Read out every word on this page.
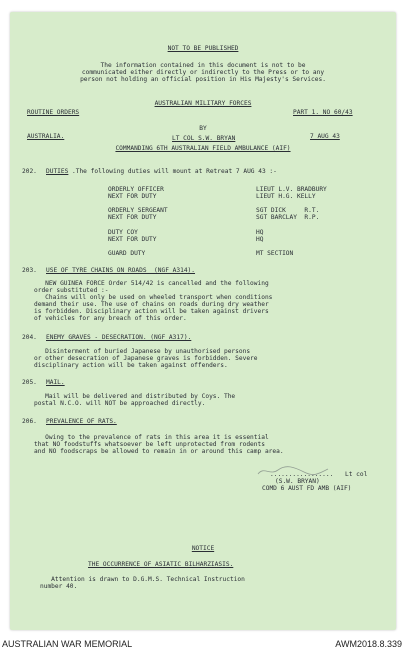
NOT TO BE PUBLISHED
The information contained in this document is not to be
communicated either directly or indirectly to the Press or to any
person not holding an official position in His Majesty's Services.
AUSTRALIAN MILITARY FORCES
ROUTINE ORDERS	PART 1. NO 60/43
BY
AUSTRALIA.	LT COL S.W. BRYAN	7 AUG 43
COMMANDING 6TH AUSTRALIAN FIELD AMBULANCE (AIF)
202. DUTIES .The following duties will mount at Retreat 7 AUG 43 :-
ORDERLY OFFICER	LIEUT L.V. BRADBURY
NEXT FOR DUTY	LIEUT H.G. KELLY
ORDERLY SERGEANT	SGT DICK     R.T.
NEXT FOR DUTY	SGT BARCLAY  R.P.
DUTY COY	HQ
NEXT FOR DUTY	HQ
GUARD DUTY	MT SECTION
203. USE OF TYRE CHAINS ON ROADS  (NGF A314).
NEW GUINEA FORCE Order 514/42 is cancelled and the following
order substituted :-
Chains will only be used on wheeled transport when conditions
demand their use. The use of chains on roads during dry weather
is forbidden. Disciplinary action will be taken against drivers
of vehicles for any breach of this order.
204. ENEMY GRAVES - DESECRATION. (NGF A317).
Disinterment of buried Japanese by unauthorised persons
or other desecration of Japanese graves is forbidden. Severe
disciplinary action will be taken against offenders.
205. MAIL.
Mail will be delivered and distributed by Coys. The
postal N.C.O. will NOT be approached directly.
206. PREVALENCE OF RATS.
Owing to the prevalence of rats in this area it is essential
that NO foodstuffs whatsoever be left unprotected from rodents
and NO foodscraps be allowed to remain in or around this camp area.
................. Lt col
(S.W. BRYAN)
COMD 6 AUST FD AMB (AIF)
NOTICE
THE OCCURRENCE OF ASIATIC BILHARZIASIS.
Attention is drawn to D.G.M.S. Technical Instruction
number 40.
AUSTRALIAN WAR MEMORIAL	AWM2018.8.339
